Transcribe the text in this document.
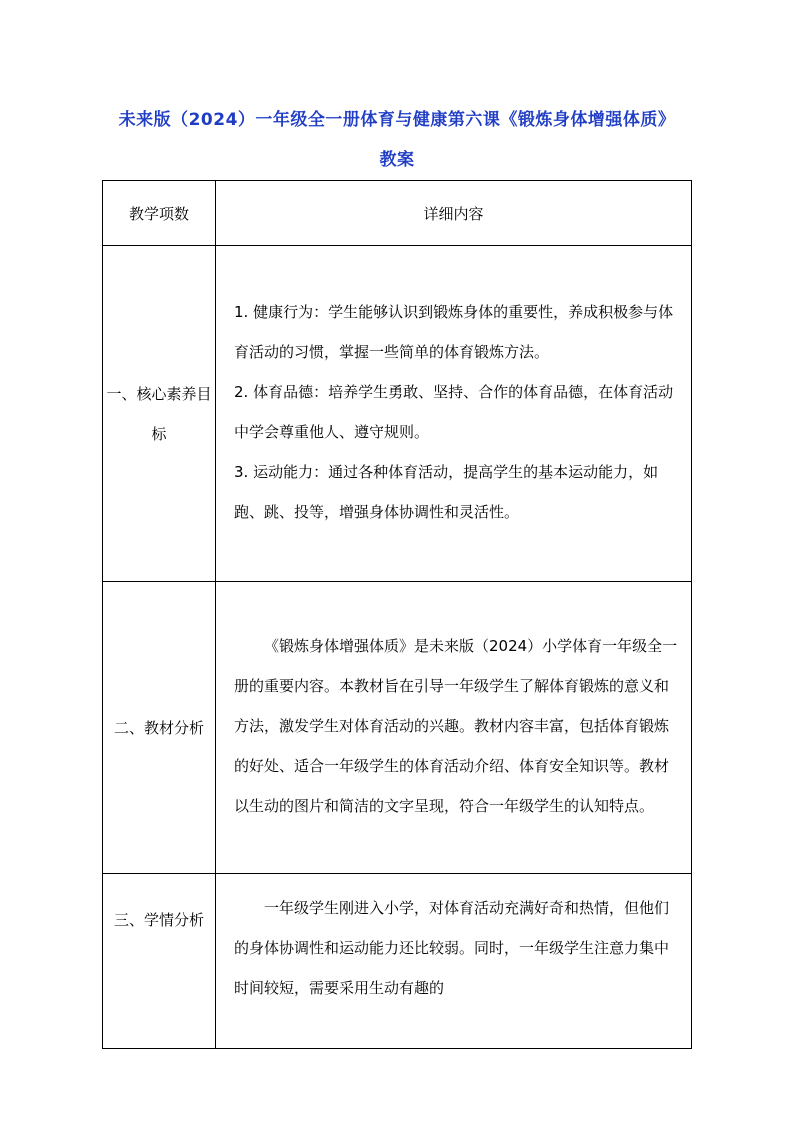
未来版（2024）一年级全一册体育与健康第六课《锻炼身体增强体质》教案
教学项数	详细内容
一、核心素养目标	1. 健康行为：学生能够认识到锻炼身体的重要性，养成积极参与体育活动的习惯，掌握一些简单的体育锻炼方法。

2. 体育品德：培养学生勇敢、坚持、合作的体育品德，在体育活动中学会尊重他人、遵守规则。

3. 运动能力：通过各种体育活动，提高学生的基本运动能力，如跑、跳、投等，增强身体协调性和灵活性。

二、教材分析	《锻炼身体增强体质》是未来版（2024）小学体育一年级全一册的重要内容。本教材旨在引导一年级学生了解体育锻炼的意义和方法，激发学生对体育活动的兴趣。教材内容丰富，包括体育锻炼的好处、适合一年级学生的体育活动介绍、体育安全知识等。教材以生动的图片和简洁的文字呈现，符合一年级学生的认知特点。

三、学情分析	一年级学生刚进入小学，对体育活动充满好奇和热情，但他们的身体协调性和运动能力还比较弱。同时，一年级学生注意力集中时间较短，需要采用生动有趣的
